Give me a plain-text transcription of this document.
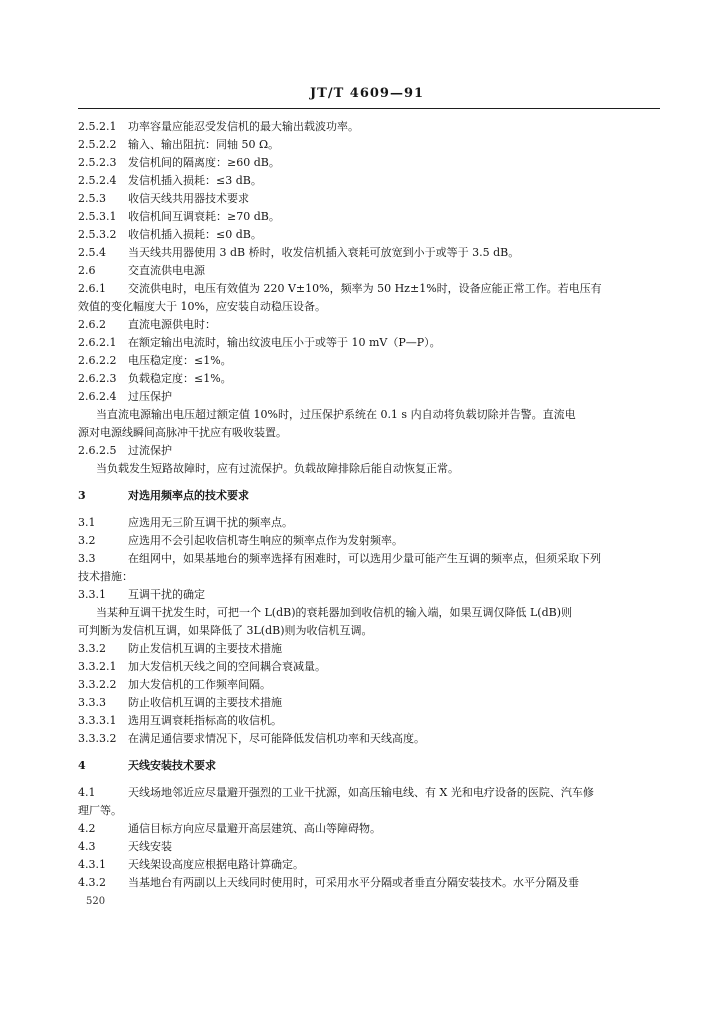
JT/T 4609—91
2.5.2.1 功率容量应能忍受发信机的最大输出载波功率。
2.5.2.2 输入、输出阻抗：同轴 50 Ω。
2.5.2.3 发信机间的隔离度：≥60 dB。
2.5.2.4 发信机插入损耗：≤3 dB。
2.5.3 收信天线共用器技术要求
2.5.3.1 收信机间互调衰耗：≥70 dB。
2.5.3.2 收信机插入损耗：≤0 dB。
2.5.4 当天线共用器使用 3 dB 桥时，收发信机插入衰耗可放宽到小于或等于 3.5 dB。
2.6	交直流供电电源
2.6.1 交流供电时，电压有效值为 220 V±10%，频率为 50 Hz±1%时，设备应能正常工作。若电压有
效值的变化幅度大于 10%，应安装自动稳压设备。
2.6.2 直流电源供电时：
2.6.2.1 在额定输出电流时，输出纹波电压小于或等于 10 mV（P—P）。
2.6.2.2 电压稳定度：≤1%。
2.6.2.3 负载稳定度：≤1%。
2.6.2.4 过压保护
当直流电源输出电压超过额定值 10%时，过压保护系统在 0.1 s 内自动将负载切除并告警。直流电
源对电源线瞬间高脉冲干扰应有吸收装置。
2.6.2.5 过流保护
当负载发生短路故障时，应有过流保护。负载故障排除后能自动恢复正常。
3	对选用频率点的技术要求
3.1	应选用无三阶互调干扰的频率点。
3.2	应选用不会引起收信机寄生响应的频率点作为发射频率。
3.3	在组网中，如果基地台的频率选择有困难时，可以选用少量可能产生互调的频率点，但须采取下列
技术措施：
3.3.1 互调干扰的确定
当某种互调干扰发生时，可把一个 L(dB)的衰耗器加到收信机的输入端，如果互调仅降低 L(dB)则
可判断为发信机互调，如果降低了 3L(dB)则为收信机互调。
3.3.2 防止发信机互调的主要技术措施
3.3.2.1 加大发信机天线之间的空间耦合衰减量。
3.3.2.2 加大发信机的工作频率间隔。
3.3.3 防止收信机互调的主要技术措施
3.3.3.1 选用互调衰耗指标高的收信机。
3.3.3.2 在满足通信要求情况下，尽可能降低发信机功率和天线高度。
4	天线安装技术要求
4.1	天线场地邻近应尽量避开强烈的工业干扰源，如高压输电线、有 X 光和电疗设备的医院、汽车修
理厂等。
4.2	通信目标方向应尽量避开高层建筑、高山等障碍物。
4.3	天线安装
4.3.1 天线架设高度应根据电路计算确定。
4.3.2 当基地台有两副以上天线同时使用时，可采用水平分隔或者垂直分隔安装技术。水平分隔及垂
520
